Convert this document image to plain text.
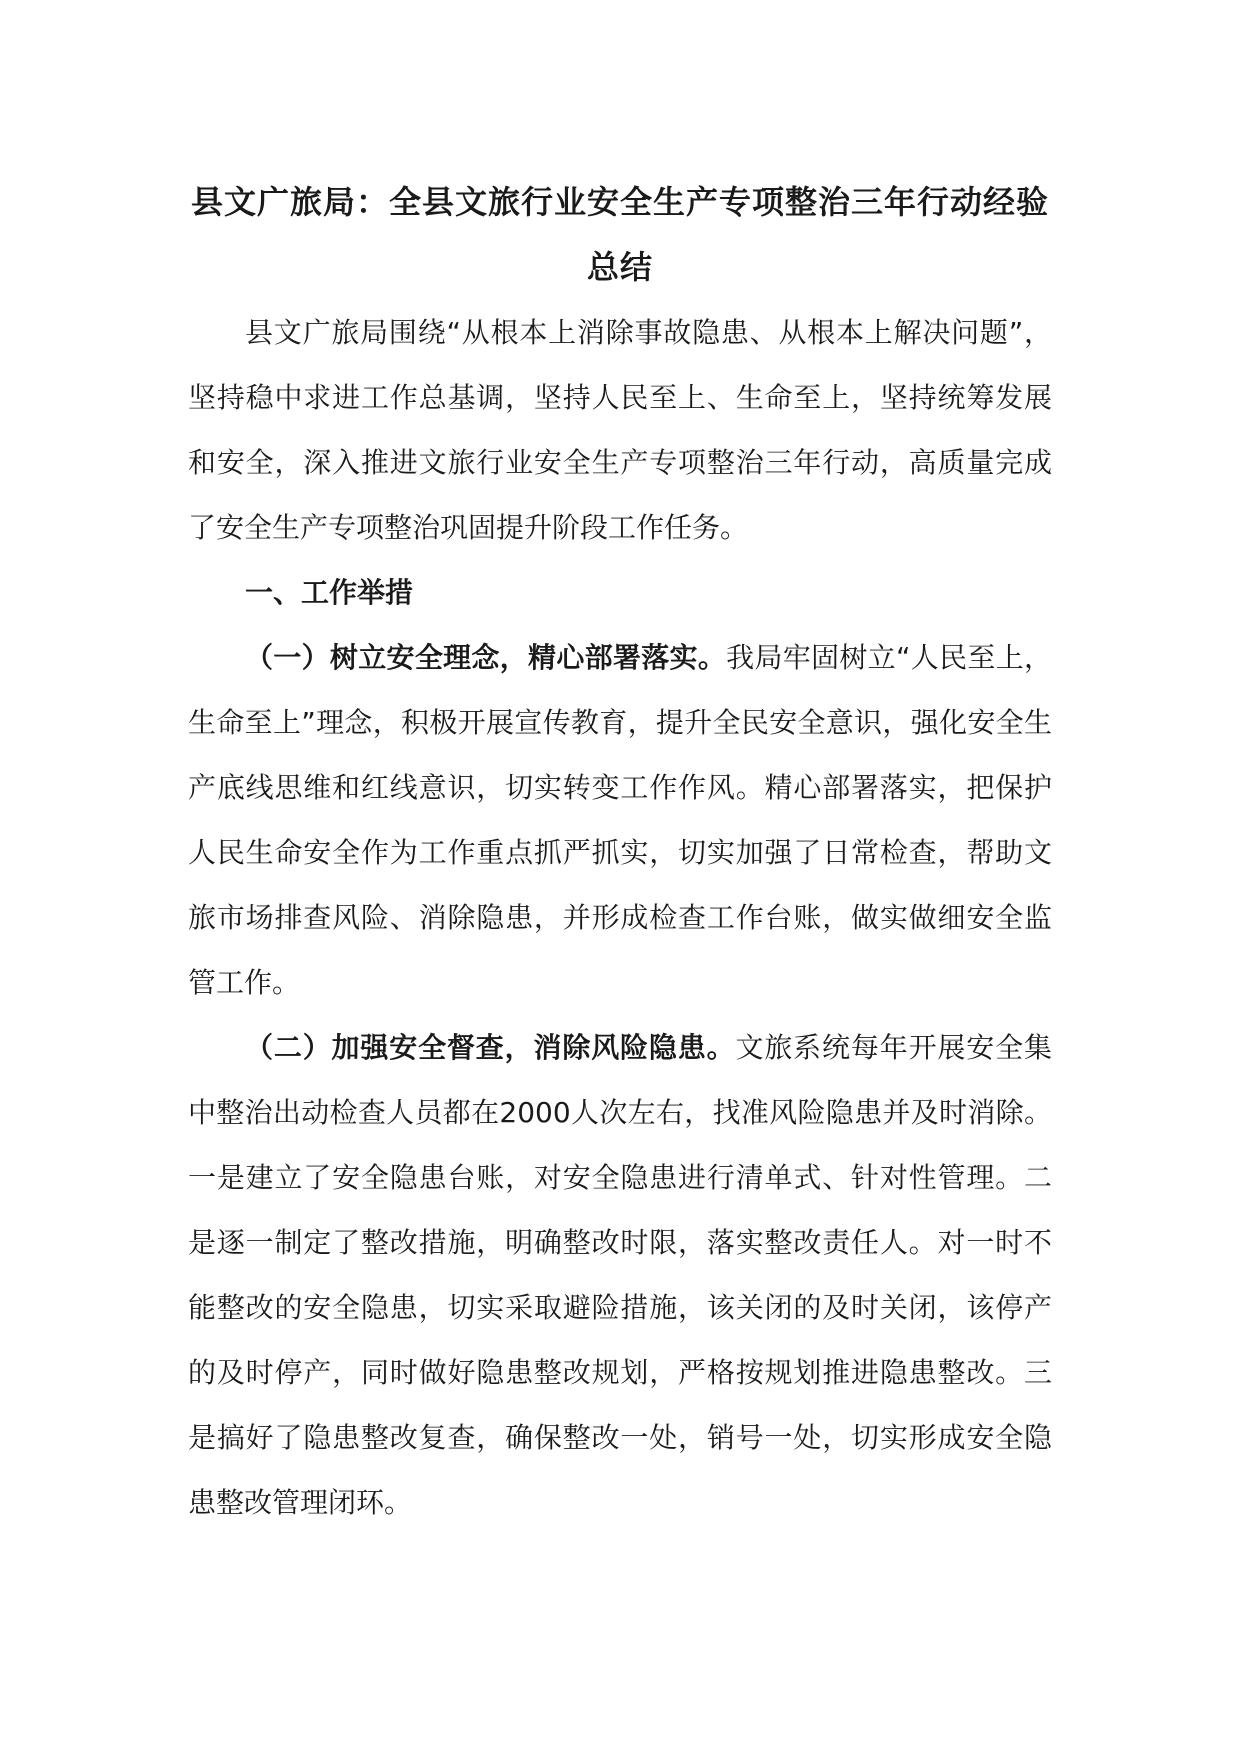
县文广旅局：全县文旅行业安全生产专项整治三年行动经验总结

县文广旅局围绕“从根本上消除事故隐患、从根本上解决问题”，坚持稳中求进工作总基调，坚持人民至上、生命至上，坚持统筹发展和安全，深入推进文旅行业安全生产专项整治三年行动，高质量完成了安全生产专项整治巩固提升阶段工作任务。

一、工作举措

（一）树立安全理念，精心部署落实。我局牢固树立“人民至上，生命至上”理念，积极开展宣传教育，提升全民安全意识，强化安全生产底线思维和红线意识，切实转变工作作风。精心部署落实，把保护人民生命安全作为工作重点抓严抓实，切实加强了日常检查，帮助文旅市场排查风险、消除隐患，并形成检查工作台账，做实做细安全监管工作。

（二）加强安全督查，消除风险隐患。文旅系统每年开展安全集中整治出动检查人员都在2000人次左右，找准风险隐患并及时消除。一是建立了安全隐患台账，对安全隐患进行清单式、针对性管理。二是逐一制定了整改措施，明确整改时限，落实整改责任人。对一时不能整改的安全隐患，切实采取避险措施，该关闭的及时关闭，该停产的及时停产，同时做好隐患整改规划，严格按规划推进隐患整改。三是搞好了隐患整改复查，确保整改一处，销号一处，切实形成安全隐患整改管理闭环。
